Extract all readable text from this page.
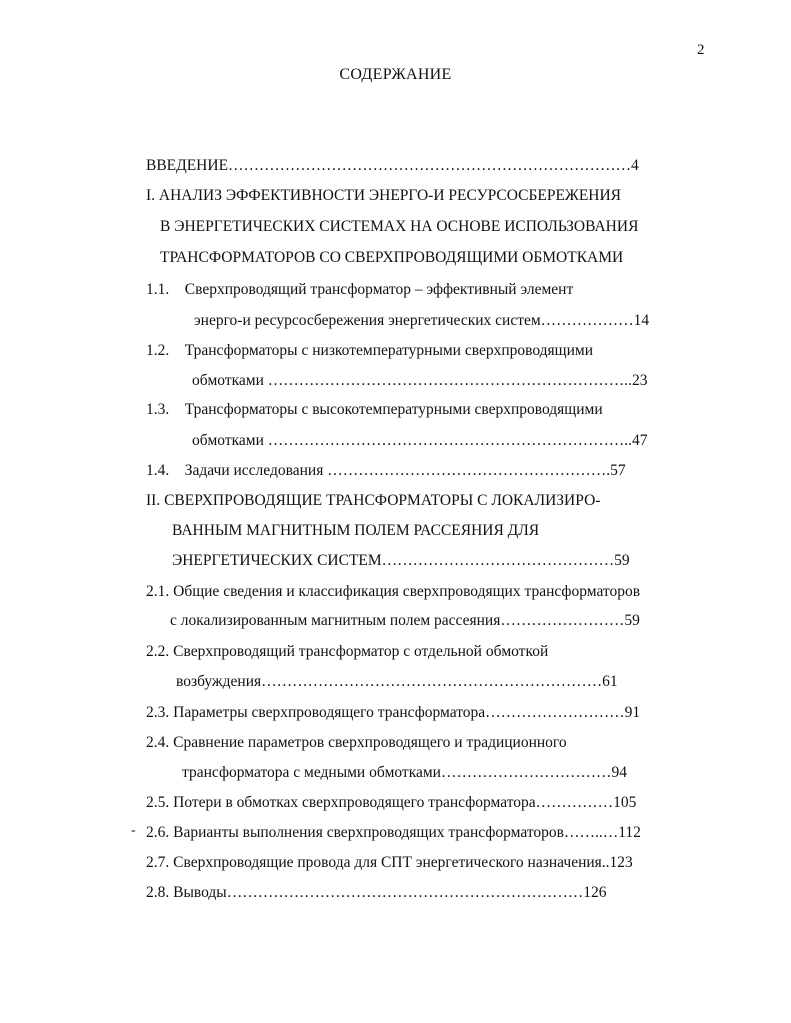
2
СОДЕРЖАНИЕ
ВВЕДЕНИЕ……………………………………………………………………4
I. АНАЛИЗ ЭФФЕКТИВНОСТИ ЭНЕРГО-И РЕСУРСОСБЕРЕЖЕНИЯ
В ЭНЕРГЕТИЧЕСКИХ СИСТЕМАХ НА ОСНОВЕ ИСПОЛЬЗОВАНИЯ
ТРАНСФОРМАТОРОВ СО СВЕРХПРОВОДЯЩИМИ ОБМОТКАМИ
1.1.    Сверхпроводящий трансформатор – эффективный элемент
энерго-и ресурсосбережения энергетических систем………………14
1.2.    Трансформаторы с низкотемпературными сверхпроводящими
обмотками ……………………………………………………………..23
1.3.    Трансформаторы с высокотемпературными сверхпроводящими
обмотками ……………………………………………………………..47
1.4.    Задачи исследования ……………………………………………….57
II. СВЕРХПРОВОДЯЩИЕ ТРАНСФОРМАТОРЫ С ЛОКАЛИЗИРО-
ВАННЫМ МАГНИТНЫМ ПОЛЕМ РАССЕЯНИЯ ДЛЯ
ЭНЕРГЕТИЧЕСКИХ СИСТЕМ………………………………………59
2.1. Общие сведения и классификация сверхпроводящих трансформаторов
с локализированным магнитным полем рассеяния……………………59
2.2. Сверхпроводящий трансформатор с отдельной обмоткой
возбуждения…………………………………………………………61
2.3. Параметры сверхпроводящего трансформатора………………………91
2.4. Сравнение параметров сверхпроводящего и традиционного
трансформатора с медными обмотками……………………………94
2.5. Потери в обмотках сверхпроводящего трансформатора……………105
- 2.6. Варианты выполнения сверхпроводящих трансформаторов……..…112
2.7. Сверхпроводящие провода для СПТ энергетического назначения..123
2.8. Выводы……………………………………………………………126
